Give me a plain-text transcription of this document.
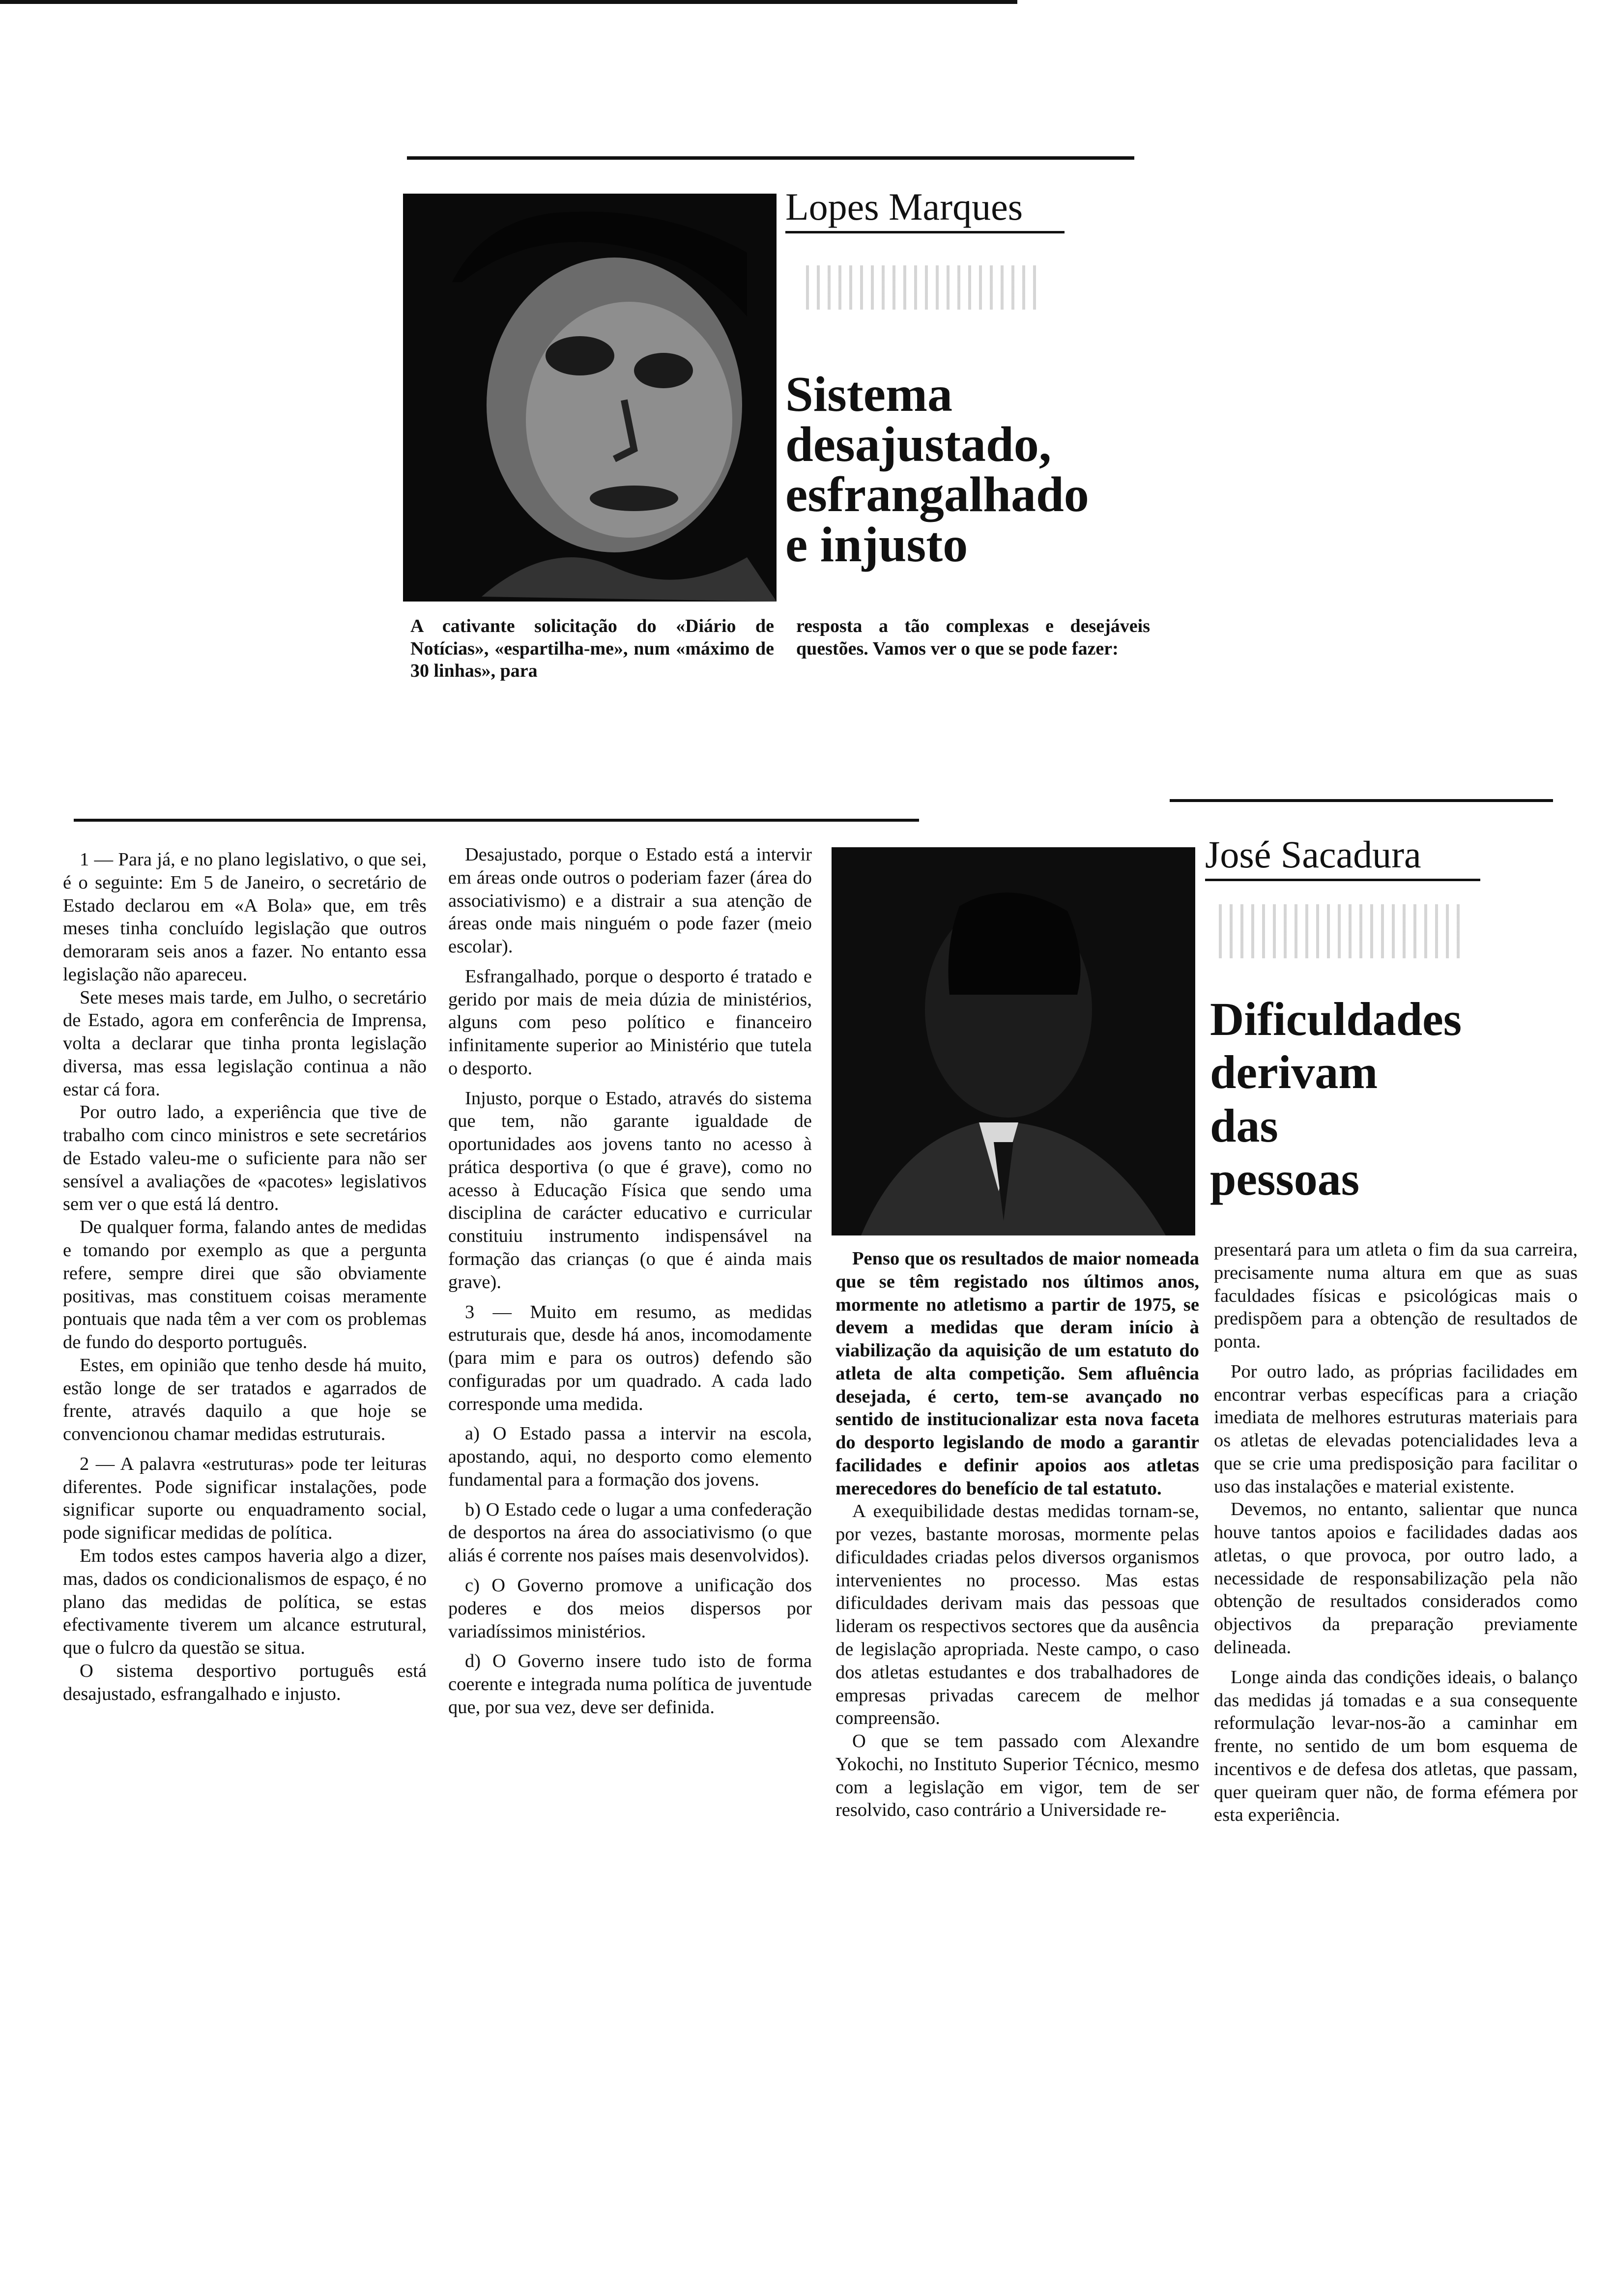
Lopes Marques
Sistema
desajustado,
esfrangalhado
e injusto
A cativante solicitação do «Diário de Notícias», «espartilha-me», num «máximo de 30 linhas», para
resposta a tão complexas e desejáveis questões. Vamos ver o que se pode fazer:

1 — Para já, e no plano legislativo, o que sei, é o seguinte: Em 5 de Janeiro, o secretário de Estado declarou em «A Bola» que, em três meses tinha concluído legislação que outros demoraram seis anos a fazer. No entanto essa legislação não apareceu.

Sete meses mais tarde, em Julho, o secretário de Estado, agora em conferência de Imprensa, volta a declarar que tinha pronta legislação diversa, mas essa legislação continua a não estar cá fora.

Por outro lado, a experiência que tive de trabalho com cinco ministros e sete secretários de Estado valeu-me o suficiente para não ser sensível a avaliações de «pacotes» legislativos sem ver o que está lá dentro.

De qualquer forma, falando antes de medidas e tomando por exemplo as que a pergunta refere, sempre direi que são obviamente positivas, mas constituem coisas meramente pontuais que nada têm a ver com os problemas de fundo do desporto português.

Estes, em opinião que tenho desde há muito, estão longe de ser tratados e agarrados de frente, através daquilo a que hoje se convencionou chamar medidas estruturais.

2 — A palavra «estruturas» pode ter leituras diferentes. Pode significar instalações, pode significar suporte ou enquadramento social, pode significar medidas de política.

Em todos estes campos haveria algo a dizer, mas, dados os condicionalismos de espaço, é no plano das medidas de política, se estas efectivamente tiverem um alcance estrutural, que o fulcro da questão se situa.

O sistema desportivo português está desajustado, esfrangalhado e injusto.

Desajustado, porque o Estado está a intervir em áreas onde outros o poderiam fazer (área do associativismo) e a distrair a sua atenção de áreas onde mais ninguém o pode fazer (meio escolar).

Esfrangalhado, porque o desporto é tratado e gerido por mais de meia dúzia de ministérios, alguns com peso político e financeiro infinitamente superior ao Ministério que tutela o desporto.

Injusto, porque o Estado, através do sistema que tem, não garante igualdade de oportunidades aos jovens tanto no acesso à prática desportiva (o que é grave), como no acesso à Educação Física que sendo uma disciplina de carácter educativo e curricular constituiu instrumento indispensável na formação das crianças (o que é ainda mais grave).

3 — Muito em resumo, as medidas estruturais que, desde há anos, incomodamente (para mim e para os outros) defendo são configuradas por um quadrado. A cada lado corresponde uma medida.

a) O Estado passa a intervir na escola, apostando, aqui, no desporto como elemento fundamental para a formação dos jovens.

b) O Estado cede o lugar a uma confederação de desportos na área do associativismo (o que aliás é corrente nos países mais desenvolvidos).

c) O Governo promove a unificação dos poderes e dos meios dispersos por variadíssimos ministérios.

d) O Governo insere tudo isto de forma coerente e integrada numa política de juventude que, por sua vez, deve ser definida.

Penso que os resultados de maior nomeada que se têm registado nos últimos anos, mormente no atletismo a partir de 1975, se devem a medidas que deram início à viabilização da aquisição de um estatuto do atleta de alta competição. Sem afluência desejada, é certo, tem-se avançado no sentido de institucionalizar esta nova faceta do desporto legislando de modo a garantir facilidades e definir apoios aos atletas merecedores do benefício de tal estatuto.

A exequibilidade destas medidas tornam-se, por vezes, bastante morosas, mormente pelas dificuldades criadas pelos diversos organismos intervenientes no processo. Mas estas dificuldades derivam mais das pessoas que lideram os respectivos sectores que da ausência de legislação apropriada. Neste campo, o caso dos atletas estudantes e dos trabalhadores de empresas privadas carecem de melhor compreensão.

O que se tem passado com Alexandre Yokochi, no Instituto Superior Técnico, mesmo com a legislação em vigor, tem de ser resolvido, caso contrário a Universidade re-

José Sacadura
Dificuldades
derivam
das
pessoas

presentará para um atleta o fim da sua carreira, precisamente numa altura em que as suas faculdades físicas e psicológicas mais o predispõem para a obtenção de resultados de ponta.

Por outro lado, as próprias facilidades em encontrar verbas específicas para a criação imediata de melhores estruturas materiais para os atletas de elevadas potencialidades leva a que se crie uma predisposição para facilitar o uso das instalações e material existente.

Devemos, no entanto, salientar que nunca houve tantos apoios e facilidades dadas aos atletas, o que provoca, por outro lado, a necessidade de responsabilização pela não obtenção de resultados considerados como objectivos da preparação previamente delineada.

Longe ainda das condições ideais, o balanço das medidas já tomadas e a sua consequente reformulação levar-nos-ão a caminhar em frente, no sentido de um bom esquema de incentivos e de defesa dos atletas, que passam, quer queiram quer não, de forma efémera por esta experiência.
